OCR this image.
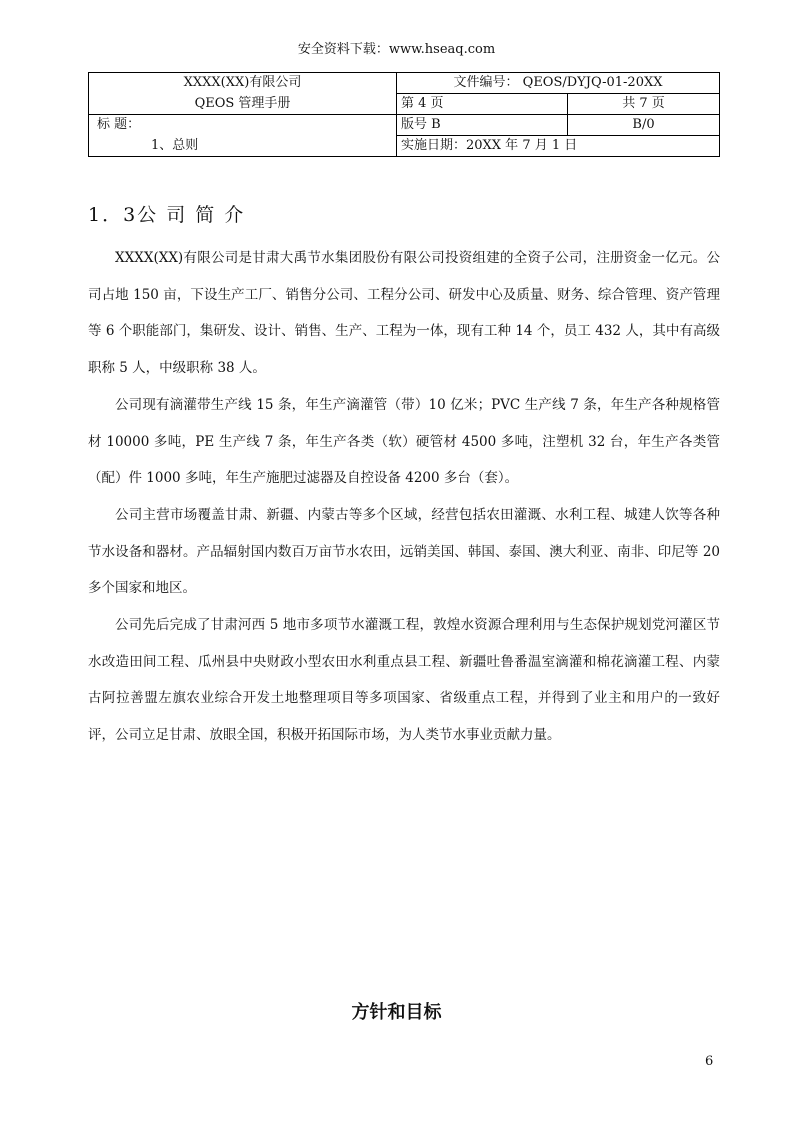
安全资料下载：www.hseaq.com
XXXX(XX)有限公司	文件编号： QEOS/DYJQ-01-20XX	
QEOS 管理手册	第 4 页	共 7 页
标 题：	版号 B	B/0
1、总则	实施日期：20XX 年 7 月 1 日	
1．3公 司 简 介

XXXX(XX)有限公司是甘肃大禹节水集团股份有限公司投资组建的全资子公司，注册资金一亿元。公司占地 150 亩，下设生产工厂、销售分公司、工程分公司、研发中心及质量、财务、综合管理、资产管理等 6 个职能部门，集研发、设计、销售、生产、工程为一体，现有工种 14 个，员工 432 人，其中有高级职称 5 人，中级职称 38 人。

公司现有滴灌带生产线 15 条，年生产滴灌管（带）10 亿米；PVC 生产线 7 条，年生产各种规格管材 10000 多吨，PE 生产线 7 条，年生产各类（软）硬管材 4500 多吨，注塑机 32 台，年生产各类管（配）件 1000 多吨，年生产施肥过滤器及自控设备 4200 多台（套）。

公司主营市场覆盖甘肃、新疆、内蒙古等多个区域，经营包括农田灌溉、水利工程、城建人饮等各种节水设备和器材。产品辐射国内数百万亩节水农田，远销美国、韩国、泰国、澳大利亚、南非、印尼等 20 多个国家和地区。

公司先后完成了甘肃河西 5 地市多项节水灌溉工程，敦煌水资源合理利用与生态保护规划党河灌区节水改造田间工程、瓜州县中央财政小型农田水利重点县工程、新疆吐鲁番温室滴灌和棉花滴灌工程、内蒙古阿拉善盟左旗农业综合开发土地整理项目等多项国家、省级重点工程，并得到了业主和用户的一致好评，公司立足甘肃、放眼全国，积极开拓国际市场，为人类节水事业贡献力量。

方针和目标
6
